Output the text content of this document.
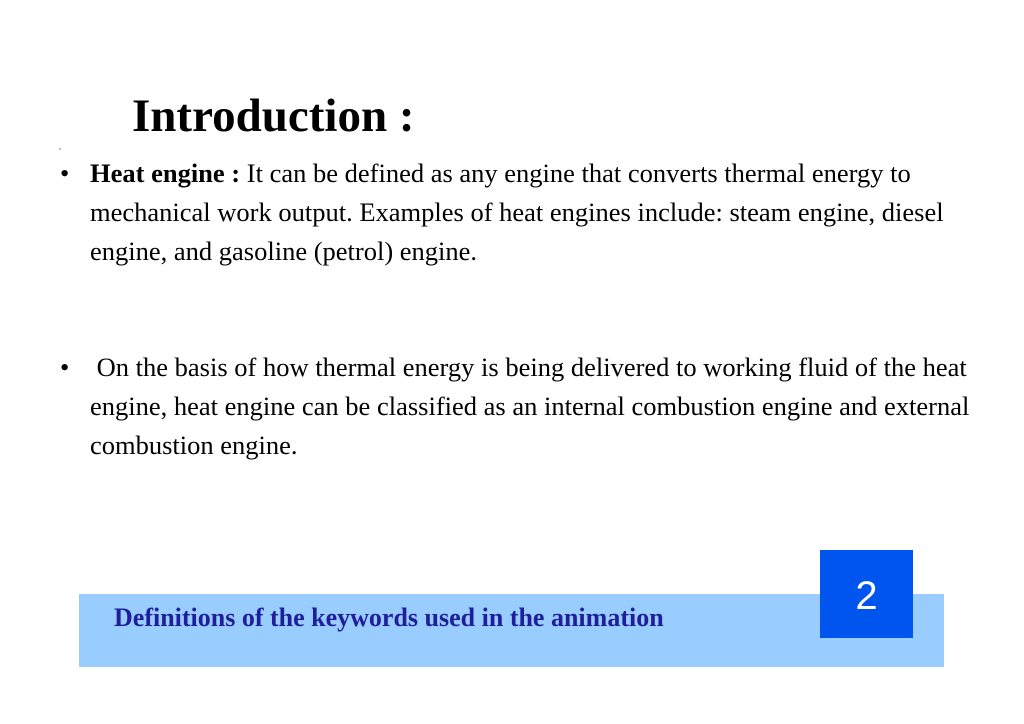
Introduction :
• Heat engine : It can be defined as any engine that converts thermal energy to mechanical work output. Examples of heat engines include: steam engine, diesel engine, and gasoline (petrol) engine.
• On the basis of how thermal energy is being delivered to working fluid of the heat engine, heat engine can be classified as an internal combustion engine and external combustion engine.
Definitions of the keywords used in the animation	2
